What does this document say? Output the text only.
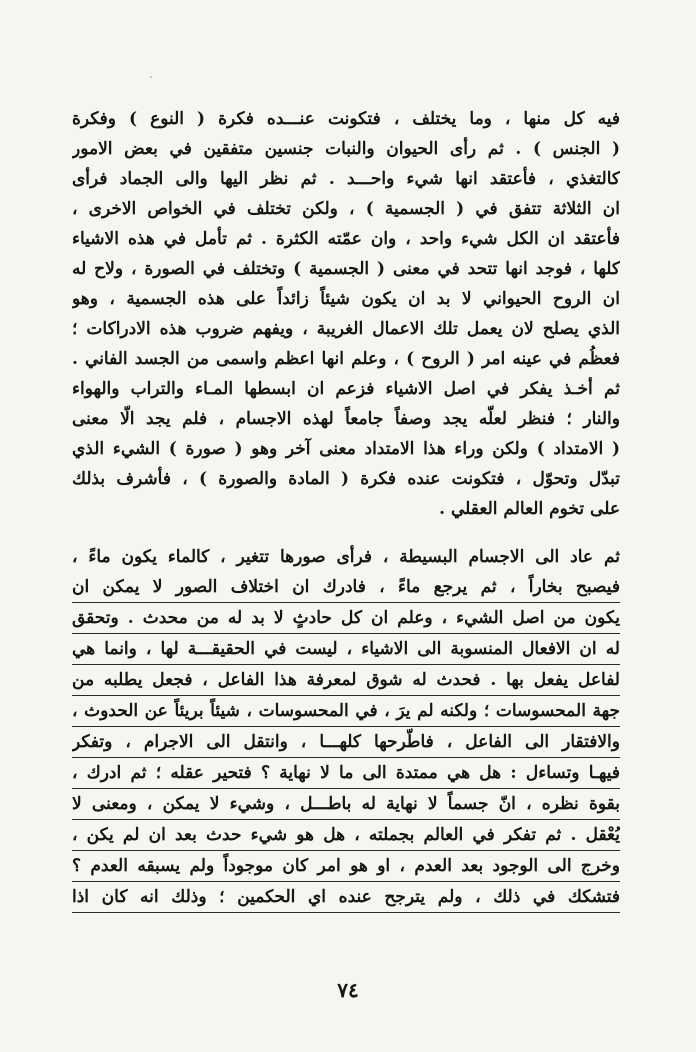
فيه كل منها ، وما يختلف ، فتكونت عنـــده فكرة ( النوع ) وفكرة
( الجنس ) . ثم رأى الحيوان والنبات جنسين متفقين في بعض الامور
كالتغذي ، فأعتقد انها شيء واحـــد . ثم نظر اليها والى الجماد فرأى
ان الثلاثة تتفق في ( الجسمية ) ، ولكن تختلف في الخواص الاخرى ،
فأعتقد ان الكل شيء واحد ، وان عمّته الكثرة . ثم تأمل في هذه الاشياء
كلها ، فوجد انها تتحد في معنى ( الجسمية ) وتختلف في الصورة ، ولاح له
ان الروح الحيواني لا بد ان يكون شيئاً زائداً على هذه الجسمية ، وهو
الذي يصلح لان يعمل تلك الاعمال الغريبة ، ويفهم ضروب هذه الادراكات ؛
فعظُم في عينه امر ( الروح ) ، وعلم انها اعظم واسمى من الجسد الفاني .
ثم أخـذ يفكر في اصل الاشياء فزعم ان ابسطها المـاء والتراب والهواء
والنار ؛ فنظر لعلّه يجد وصفاً جامعاً لهذه الاجسام ، فلم يجد الّا معنى
( الامتداد ) ولكن وراء هذا الامتداد معنى آخر وهو ( صورة ) الشيء الذي
تبدّل وتحوّل ، فتكونت عنده فكرة ( المادة والصورة ) ، فأشرف بذلك
على تخوم العالم العقلي .
ثم عاد الى الاجسام البسيطة ، فرأى صورها تتغير ، كالماء يكون ماءً ،
فيصبح بخاراً ، ثم يرجع ماءً ، فادرك ان اختلاف الصور لا يمكن ان
يكون من اصل الشيء ، وعلم ان كل حادثٍ لا بد له من محدث . وتحقق
له ان الافعال المنسوبة الى الاشياء ، ليست في الحقيقـــة لها ، وانما هي
لفاعل يفعل بها . فحدث له شوق لمعرفة هذا الفاعل ، فجعل يطلبه من
جهة المحسوسات ؛ ولكنه لم يرَ ، في المحسوسات ، شيئاً بريئاً عن الحدوث ،
والافتقار الى الفاعل ، فاطّرحها كلهـــا ، وانتقل الى الاجرام ، وتفكر
فيهـا وتساءل : هل هي ممتدة الى ما لا نهاية ؟ فتحير عقله ؛ ثم ادرك ،
بقوة نظره ، انّ جسماً لا نهاية له باطـــل ، وشيء لا يمكن ، ومعنى لا
يُعْقل . ثم تفكر في العالم بجملته ، هل هو شيء حدث بعد ان لم يكن ،
وخرج الى الوجود بعد العدم ، او هو امر كان موجوداً ولم يسبقه العدم ؟
فتشكك في ذلك ، ولم يترجح عنده اي الحكمين ؛ وذلك انه كان اذا
٧٤
